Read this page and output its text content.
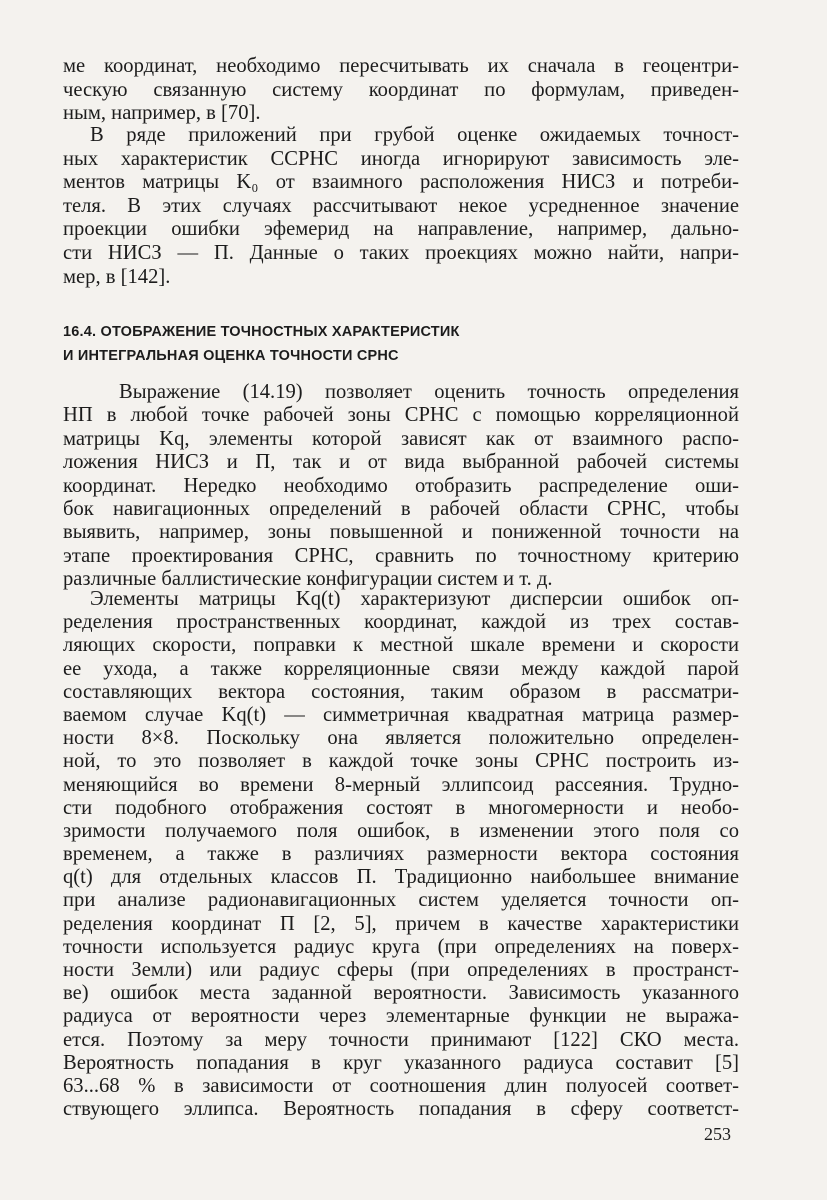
ме координат, необходимо пересчитывать их сначала в геоцентри-
ческую связанную систему координат по формулам, приведен-
ным, например, в [70].
В ряде приложений при грубой оценке ожидаемых точност-
ных характеристик ССРНС иногда игнорируют зависимость эле-
ментов матрицы K₀ от взаимного расположения НИСЗ и потреби-
теля. В этих случаях рассчитывают некое усредненное значение
проекции ошибки эфемерид на направление, например, дально-
сти НИСЗ — П. Данные о таких проекциях можно найти, напри-
мер, в [142].
16.4. ОТОБРАЖЕНИЕ ТОЧНОСТНЫХ ХАРАКТЕРИСТИК
И ИНТЕГРАЛЬНАЯ ОЦЕНКА ТОЧНОСТИ СРНС
Выражение (14.19) позволяет оценить точность определения
НП в любой точке рабочей зоны СРНС с помощью корреляционной
матрицы Kq, элементы которой зависят как от взаимного распо-
ложения НИСЗ и П, так и от вида выбранной рабочей системы
координат. Нередко необходимо отобразить распределение оши-
бок навигационных определений в рабочей области СРНС, чтобы
выявить, например, зоны повышенной и пониженной точности на
этапе проектирования СРНС, сравнить по точностному критерию
различные баллистические конфигурации систем и т. д.
Элементы матрицы Kq(t) характеризуют дисперсии ошибок оп-
ределения пространственных координат, каждой из трех состав-
ляющих скорости, поправки к местной шкале времени и скорости
ее ухода, а также корреляционные связи между каждой парой
составляющих вектора состояния, таким образом в рассматри-
ваемом случае Kq(t) — симметричная квадратная матрица размер-
ности 8×8. Поскольку она является положительно определен-
ной, то это позволяет в каждой точке зоны СРНС построить из-
меняющийся во времени 8-мерный эллипсоид рассеяния. Трудно-
сти подобного отображения состоят в многомерности и необо-
зримости получаемого поля ошибок, в изменении этого поля со
временем, а также в различиях размерности вектора состояния
q(t) для отдельных классов П. Традиционно наибольшее внимание
при анализе радионавигационных систем уделяется точности оп-
ределения координат П [2, 5], причем в качестве характеристики
точности используется радиус круга (при определениях на поверх-
ности Земли) или радиус сферы (при определениях в пространст-
ве) ошибок места заданной вероятности. Зависимость указанного
радиуса от вероятности через элементарные функции не выража-
ется. Поэтому за меру точности принимают [122] СКО места.
Вероятность попадания в круг указанного радиуса составит [5]
63...68 % в зависимости от соотношения длин полуосей соответ-
ствующего эллипса. Вероятность попадания в сферу соответст-
253
